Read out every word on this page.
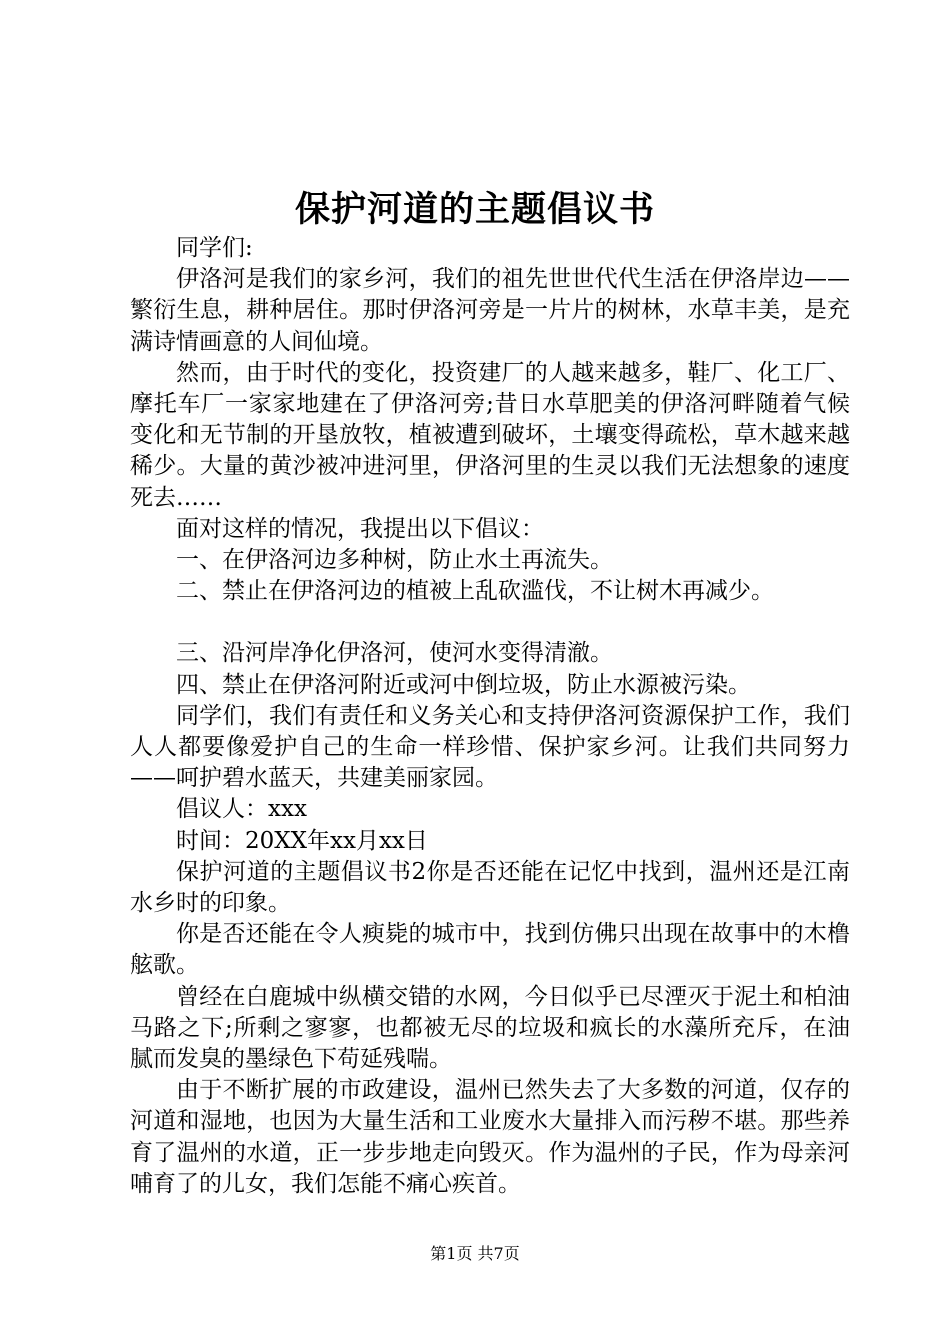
保护河道的主题倡议书

同学们:

伊洛河是我们的家乡河，我们的祖先世世代代生活在伊洛岸边——繁衍生息，耕种居住。那时伊洛河旁是一片片的树林，水草丰美，是充满诗情画意的人间仙境。

然而，由于时代的变化，投资建厂的人越来越多，鞋厂、化工厂、摩托车厂一家家地建在了伊洛河旁;昔日水草肥美的伊洛河畔随着气候变化和无节制的开垦放牧，植被遭到破坏，土壤变得疏松，草木越来越稀少。大量的黄沙被冲进河里，伊洛河里的生灵以我们无法想象的速度死去……

面对这样的情况，我提出以下倡议：

一、在伊洛河边多种树，防止水土再流失。

二、禁止在伊洛河边的植被上乱砍滥伐，不让树木再减少。

三、沿河岸净化伊洛河，使河水变得清澈。

四、禁止在伊洛河附近或河中倒垃圾，防止水源被污染。

同学们，我们有责任和义务关心和支持伊洛河资源保护工作，我们人人都要像爱护自己的生命一样珍惜、保护家乡河。让我们共同努力——呵护碧水蓝天，共建美丽家园。

倡议人：xxx

时间：20XX年xx月xx日

保护河道的主题倡议书2你是否还能在记忆中找到，温州还是江南水乡时的印象。

你是否还能在令人瘐毙的城市中，找到仿佛只出现在故事中的木橹舷歌。

曾经在白鹿城中纵横交错的水网，今日似乎已尽湮灭于泥土和柏油马路之下;所剩之寥寥，也都被无尽的垃圾和疯长的水藻所充斥，在油腻而发臭的墨绿色下苟延残喘。

由于不断扩展的市政建设，温州已然失去了大多数的河道，仅存的河道和湿地，也因为大量生活和工业废水大量排入而污秽不堪。那些养育了温州的水道，正一步步地走向毁灭。作为温州的子民，作为母亲河哺育了的儿女，我们怎能不痛心疾首。

第1页 共7页
